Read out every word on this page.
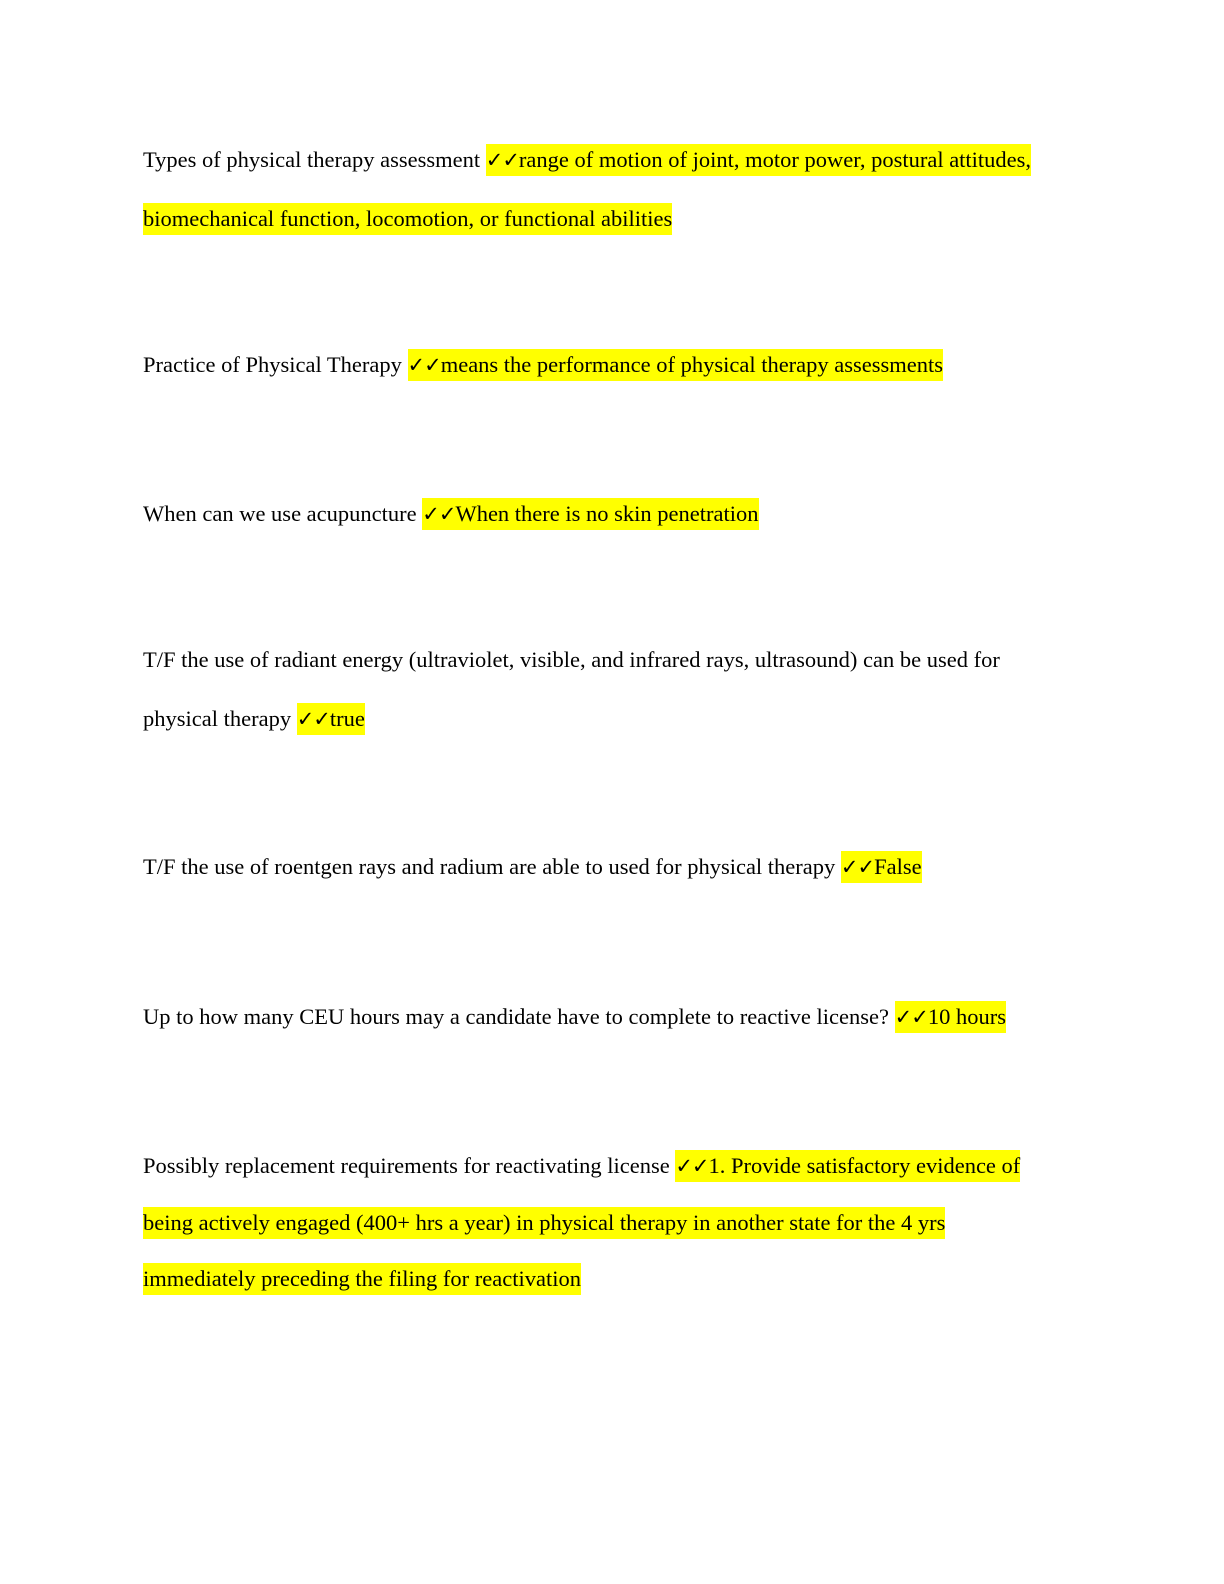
Types of physical therapy assessment ✓✓range of motion of joint, motor power, postural attitudes, biomechanical function, locomotion, or functional abilities

Practice of Physical Therapy ✓✓means the performance of physical therapy assessments

When can we use acupuncture ✓✓When there is no skin penetration

T/F the use of radiant energy (ultraviolet, visible, and infrared rays, ultrasound) can be used for physical therapy ✓✓true

T/F the use of roentgen rays and radium are able to used for physical therapy ✓✓False

Up to how many CEU hours may a candidate have to complete to reactive license? ✓✓10 hours

Possibly replacement requirements for reactivating license ✓✓1. Provide satisfactory evidence of being actively engaged (400+ hrs a year) in physical therapy in another state for the 4 yrs immediately preceding the filing for reactivation
